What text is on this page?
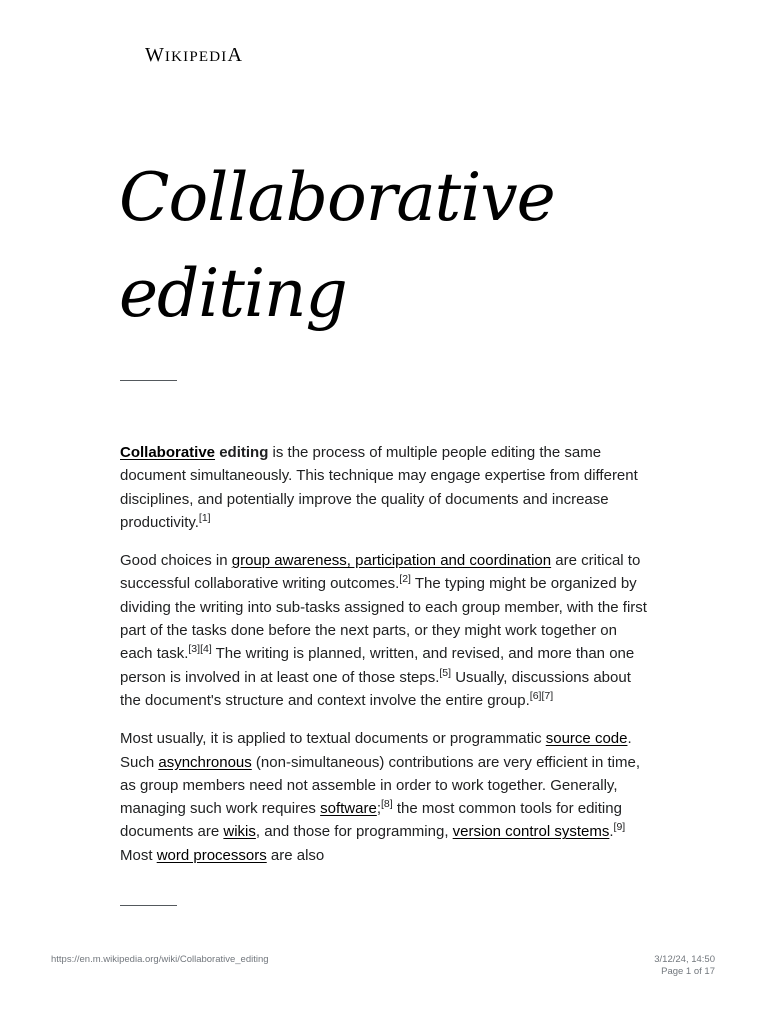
WIKIPEDIA
Collaborative editing

Collaborative editing is the process of multiple people editing the same document simultaneously. This technique may engage expertise from different disciplines, and potentially improve the quality of documents and increase productivity.[1]

Good choices in group awareness, participation and coordination are critical to successful collaborative writing outcomes.[2] The typing might be organized by dividing the writing into sub-tasks assigned to each group member, with the first part of the tasks done before the next parts, or they might work together on each task.[3][4] The writing is planned, written, and revised, and more than one person is involved in at least one of those steps.[5] Usually, discussions about the document's structure and context involve the entire group.[6][7]

Most usually, it is applied to textual documents or programmatic source code. Such asynchronous (non-simultaneous) contributions are very efficient in time, as group members need not assemble in order to work together. Generally, managing such work requires software;[8] the most common tools for editing documents are wikis, and those for programming, version control systems.[9] Most word processors are also

https://en.m.wikipedia.org/wiki/Collaborative_editing	3/12/24, 14:50
Page 1 of 17
